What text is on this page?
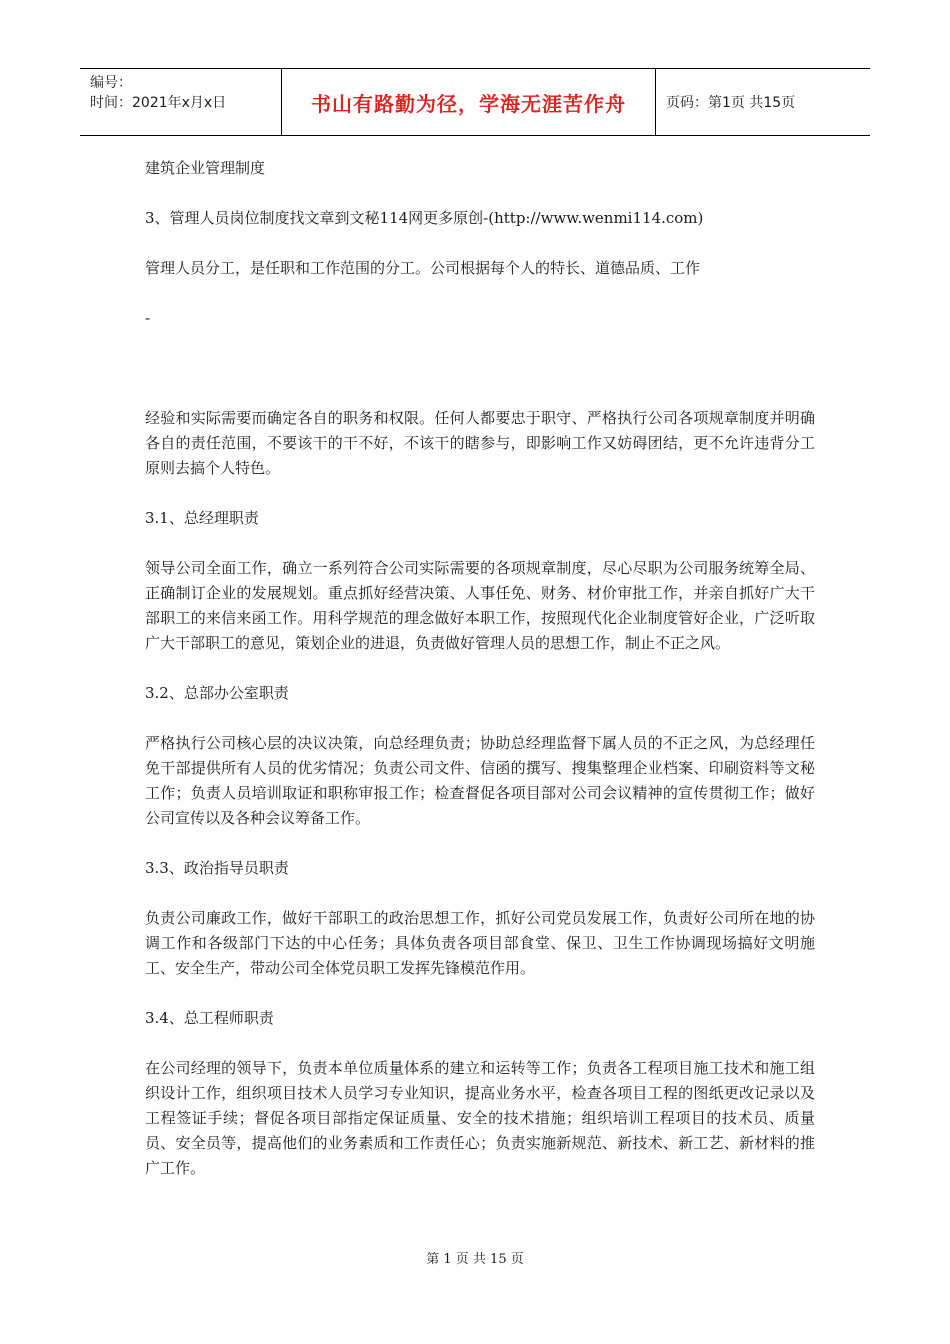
编号：
时间：2021年x月x日	书山有路勤为径，学海无涯苦作舟	页码：第1页 共15页

建筑企业管理制度

3、管理人员岗位制度找文章到文秘114网更多原创-(http://www.wenmi114.com)

管理人员分工，是任职和工作范围的分工。公司根据每个人的特长、道德品质、工作

-

经验和实际需要而确定各自的职务和权限。任何人都要忠于职守、严格执行公司各项规章制度并明确各自的责任范围，不要该干的干不好，不该干的瞎参与，即影响工作又妨碍团结，更不允许违背分工原则去搞个人特色。

3.1、总经理职责

领导公司全面工作，确立一系列符合公司实际需要的各项规章制度，尽心尽职为公司服务统筹全局、正确制订企业的发展规划。重点抓好经营决策、人事任免、财务、材价审批工作，并亲自抓好广大干部职工的来信来函工作。用科学规范的理念做好本职工作，按照现代化企业制度管好企业，广泛听取广大干部职工的意见，策划企业的进退，负责做好管理人员的思想工作，制止不正之风。

3.2、总部办公室职责

严格执行公司核心层的决议决策，向总经理负责；协助总经理监督下属人员的不正之风，为总经理任免干部提供所有人员的优劣情况；负责公司文件、信函的撰写、搜集整理企业档案、印刷资料等文秘工作；负责人员培训取证和职称审报工作；检查督促各项目部对公司会议精神的宣传贯彻工作；做好公司宣传以及各种会议筹备工作。

3.3、政治指导员职责

负责公司廉政工作，做好干部职工的政治思想工作，抓好公司党员发展工作，负责好公司所在地的协调工作和各级部门下达的中心任务；具体负责各项目部食堂、保卫、卫生工作协调现场搞好文明施工、安全生产，带动公司全体党员职工发挥先锋模范作用。

3.4、总工程师职责

在公司经理的领导下，负责本单位质量体系的建立和运转等工作；负责各工程项目施工技术和施工组织设计工作，组织项目技术人员学习专业知识，提高业务水平，检查各项目工程的图纸更改记录以及工程签证手续；督促各项目部指定保证质量、安全的技术措施；组织培训工程项目的技术员、质量员、安全员等，提高他们的业务素质和工作责任心；负责实施新规范、新技术、新工艺、新材料的推广工作。

第 1 页 共 15 页
